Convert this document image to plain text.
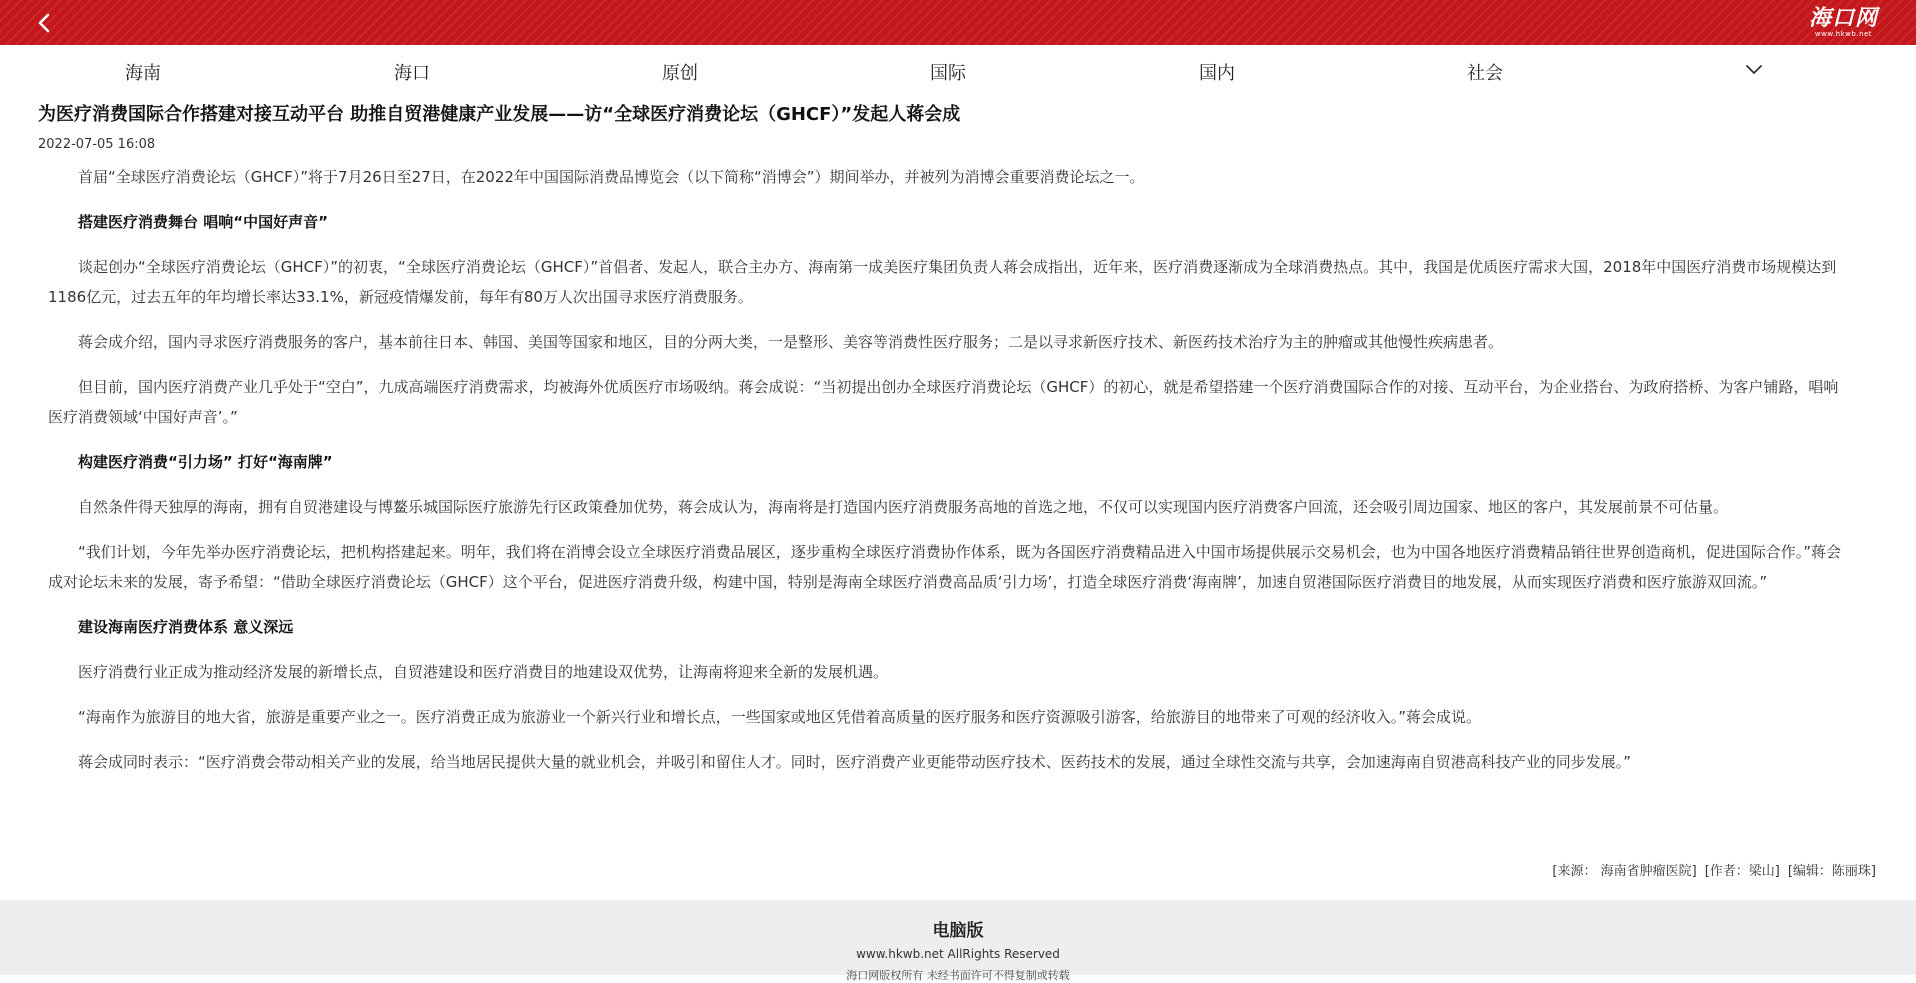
海口网
www.hkwb.net
海南	海口	原创	国际	国内	社会
为医疗消费国际合作搭建对接互动平台 助推自贸港健康产业发展——访“全球医疗消费论坛（GHCF）”发起人蒋会成
2022-07-05 16:08

首届“全球医疗消费论坛（GHCF）”将于7月26日至27日，在2022年中国国际消费品博览会（以下简称“消博会”）期间举办，并被列为消博会重要消费论坛之一。

搭建医疗消费舞台 唱响“中国好声音”

谈起创办“全球医疗消费论坛（GHCF）”的初衷，“全球医疗消费论坛（GHCF）”首倡者、发起人，联合主办方、海南第一成美医疗集团负责人蒋会成指出，近年来，医疗消费逐渐成为全球消费热点。其中，我国是优质医疗需求大国，2018年中国医疗消费市场规模达到1186亿元，过去五年的年均增长率达33.1%，新冠疫情爆发前，每年有80万人次出国寻求医疗消费服务。

蒋会成介绍，国内寻求医疗消费服务的客户，基本前往日本、韩国、美国等国家和地区，目的分两大类，一是整形、美容等消费性医疗服务；二是以寻求新医疗技术、新医药技术治疗为主的肿瘤或其他慢性疾病患者。

但目前，国内医疗消费产业几乎处于“空白”，九成高端医疗消费需求，均被海外优质医疗市场吸纳。蒋会成说：“当初提出创办全球医疗消费论坛（GHCF）的初心，就是希望搭建一个医疗消费国际合作的对接、互动平台，为企业搭台、为政府搭桥、为客户铺路，唱响医疗消费领域‘中国好声音’。”

构建医疗消费“引力场” 打好“海南牌”

自然条件得天独厚的海南，拥有自贸港建设与博鳌乐城国际医疗旅游先行区政策叠加优势，蒋会成认为，海南将是打造国内医疗消费服务高地的首选之地，不仅可以实现国内医疗消费客户回流，还会吸引周边国家、地区的客户，其发展前景不可估量。

“我们计划，今年先举办医疗消费论坛，把机构搭建起来。明年，我们将在消博会设立全球医疗消费品展区，逐步重构全球医疗消费协作体系，既为各国医疗消费精品进入中国市场提供展示交易机会，也为中国各地医疗消费精品销往世界创造商机，促进国际合作。”蒋会成对论坛未来的发展，寄予希望：“借助全球医疗消费论坛（GHCF）这个平台，促进医疗消费升级，构建中国，特别是海南全球医疗消费高品质‘引力场’，打造全球医疗消费‘海南牌’，加速自贸港国际医疗消费目的地发展，从而实现医疗消费和医疗旅游双回流。”

建设海南医疗消费体系 意义深远

医疗消费行业正成为推动经济发展的新增长点，自贸港建设和医疗消费目的地建设双优势，让海南将迎来全新的发展机遇。

“海南作为旅游目的地大省，旅游是重要产业之一。医疗消费正成为旅游业一个新兴行业和增长点，一些国家或地区凭借着高质量的医疗服务和医疗资源吸引游客，给旅游目的地带来了可观的经济收入。”蒋会成说。

蒋会成同时表示：“医疗消费会带动相关产业的发展，给当地居民提供大量的就业机会，并吸引和留住人才。同时，医疗消费产业更能带动医疗技术、医药技术的发展，通过全球性交流与共享，会加速海南自贸港高科技产业的同步发展。”

[来源： 海南省肿瘤医院] [作者：梁山] [编辑：陈丽珠]
电脑版
www.hkwb.net AllRights Reserved
海口网版权所有 未经书面许可不得复制或转载
